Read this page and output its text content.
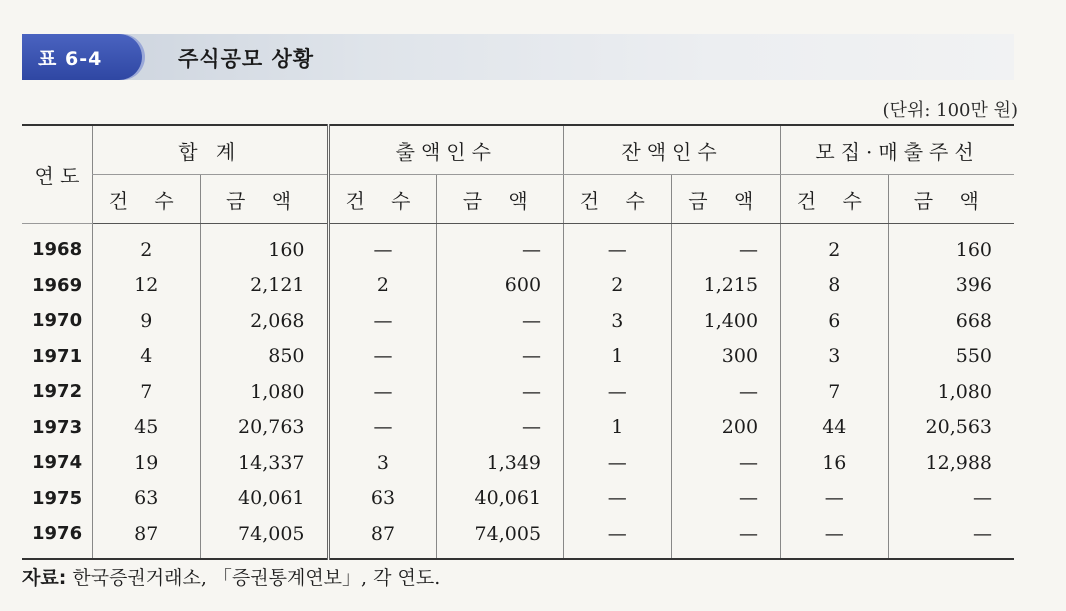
표 6-4	주식공모 상황
(단위: 100만 원)
연 도	합 계		출액인수		잔액인수		모집·매출주선	
	건 수	금 액	건 수	금 액	건 수	금 액	건 수	금 액
1968	2	160	—	—	—	—	2	160
1969	12	2,121	2	600	2	1,215	8	396
1970	9	2,068	—	—	3	1,400	6	668
1971	4	850	—	—	1	300	3	550
1972	7	1,080	—	—	—	—	7	1,080
1973	45	20,763	—	—	1	200	44	20,563
1974	19	14,337	3	1,349	—	—	16	12,988
1975	63	40,061	63	40,061	—	—	—	—
1976	87	74,005	87	74,005	—	—	—	—
자료: 한국증권거래소, 「증권통계연보」, 각 연도.
